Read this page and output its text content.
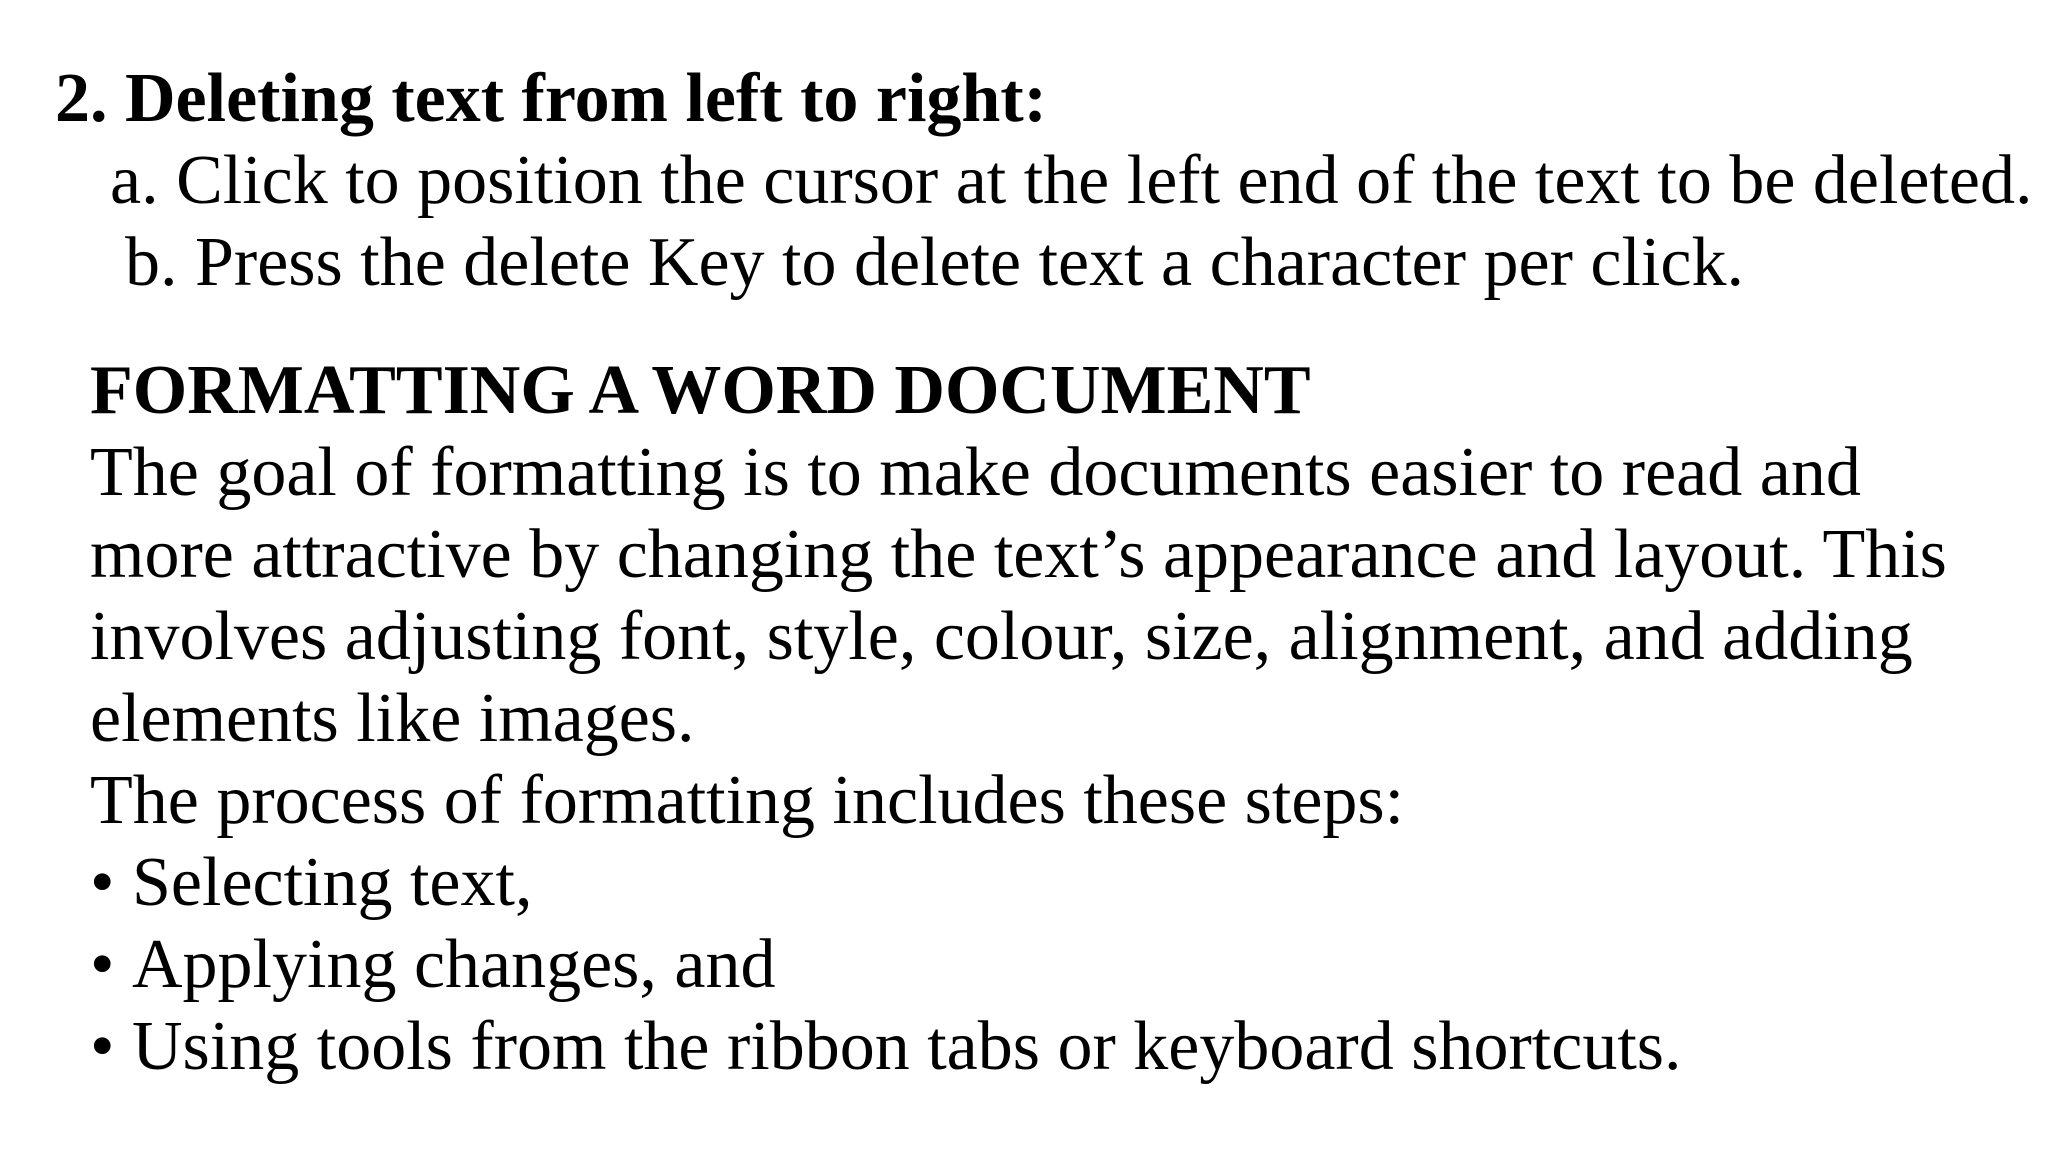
2. Deleting text from left to right:
a. Click to position the cursor at the left end of the text to be deleted.
b. Press the delete Key to delete text a character per click.
FORMATTING A WORD DOCUMENT
The goal of formatting is to make documents easier to read and
more attractive by changing the text’s appearance and layout. This
involves adjusting font, style, colour, size, alignment, and adding
elements like images.
The process of formatting includes these steps:
• Selecting text,
• Applying changes, and
• Using tools from the ribbon tabs or keyboard shortcuts.
